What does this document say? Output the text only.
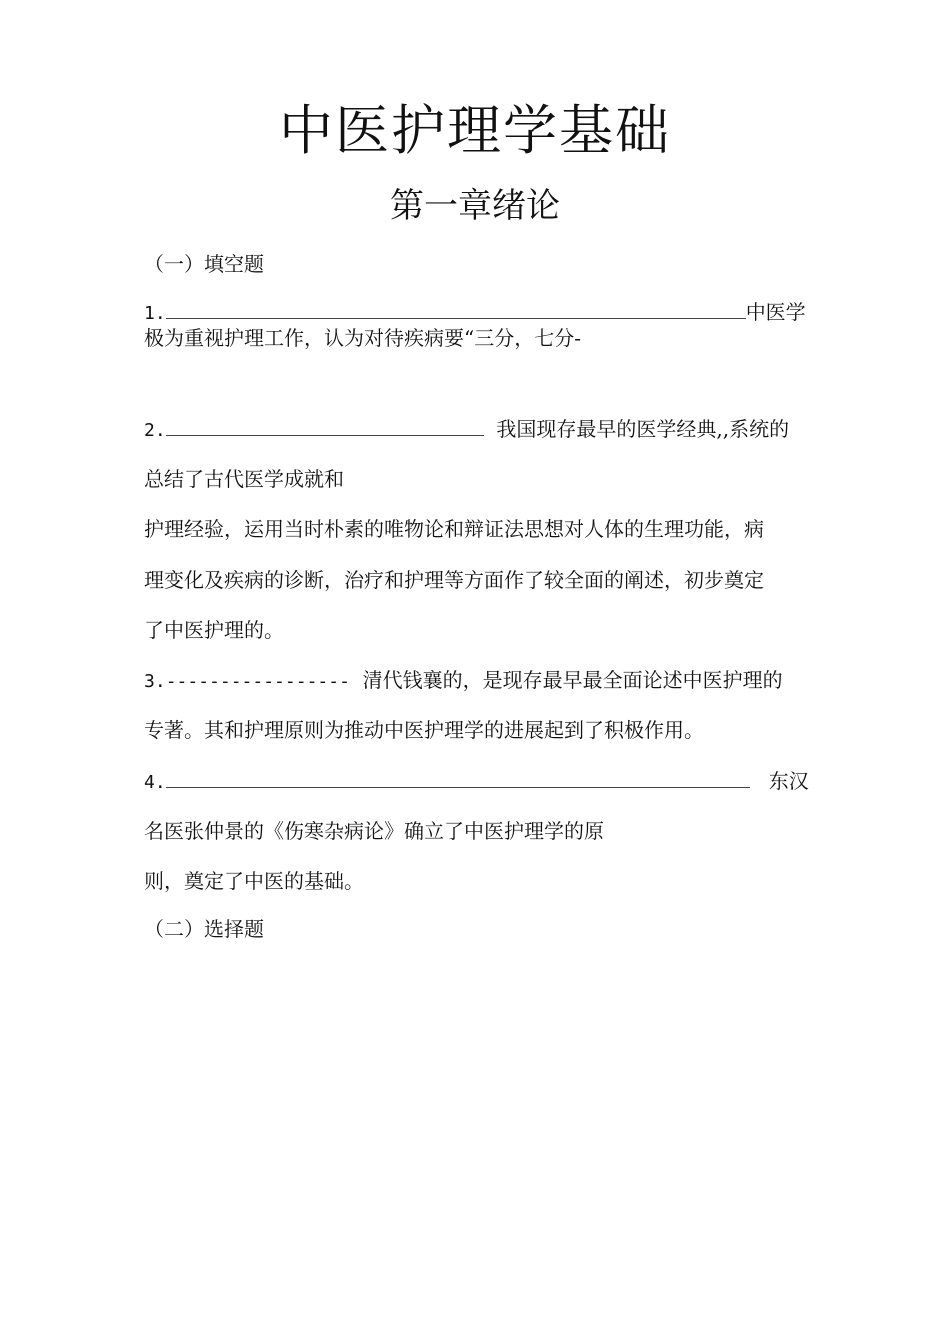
中医护理学基础
第一章绪论
（一）填空题
1.	中医学
极为重视护理工作，认为对待疾病要“三分，七分-
2.	我国现存最早的医学经典,,系统的
总结了古代医学成就和
护理经验，运用当时朴素的唯物论和辩证法思想对人体的生理功能，病
理变化及疾病的诊断，治疗和护理等方面作了较全面的阐述，初步奠定
了中医护理的。
3.----------------- 清代钱襄的，是现存最早最全面论述中医护理的
专著。其和护理原则为推动中医护理学的进展起到了积极作用。
4.	东汉
名医张仲景的《伤寒杂病论》确立了中医护理学的原
则，奠定了中医的基础。
（二）选择题
